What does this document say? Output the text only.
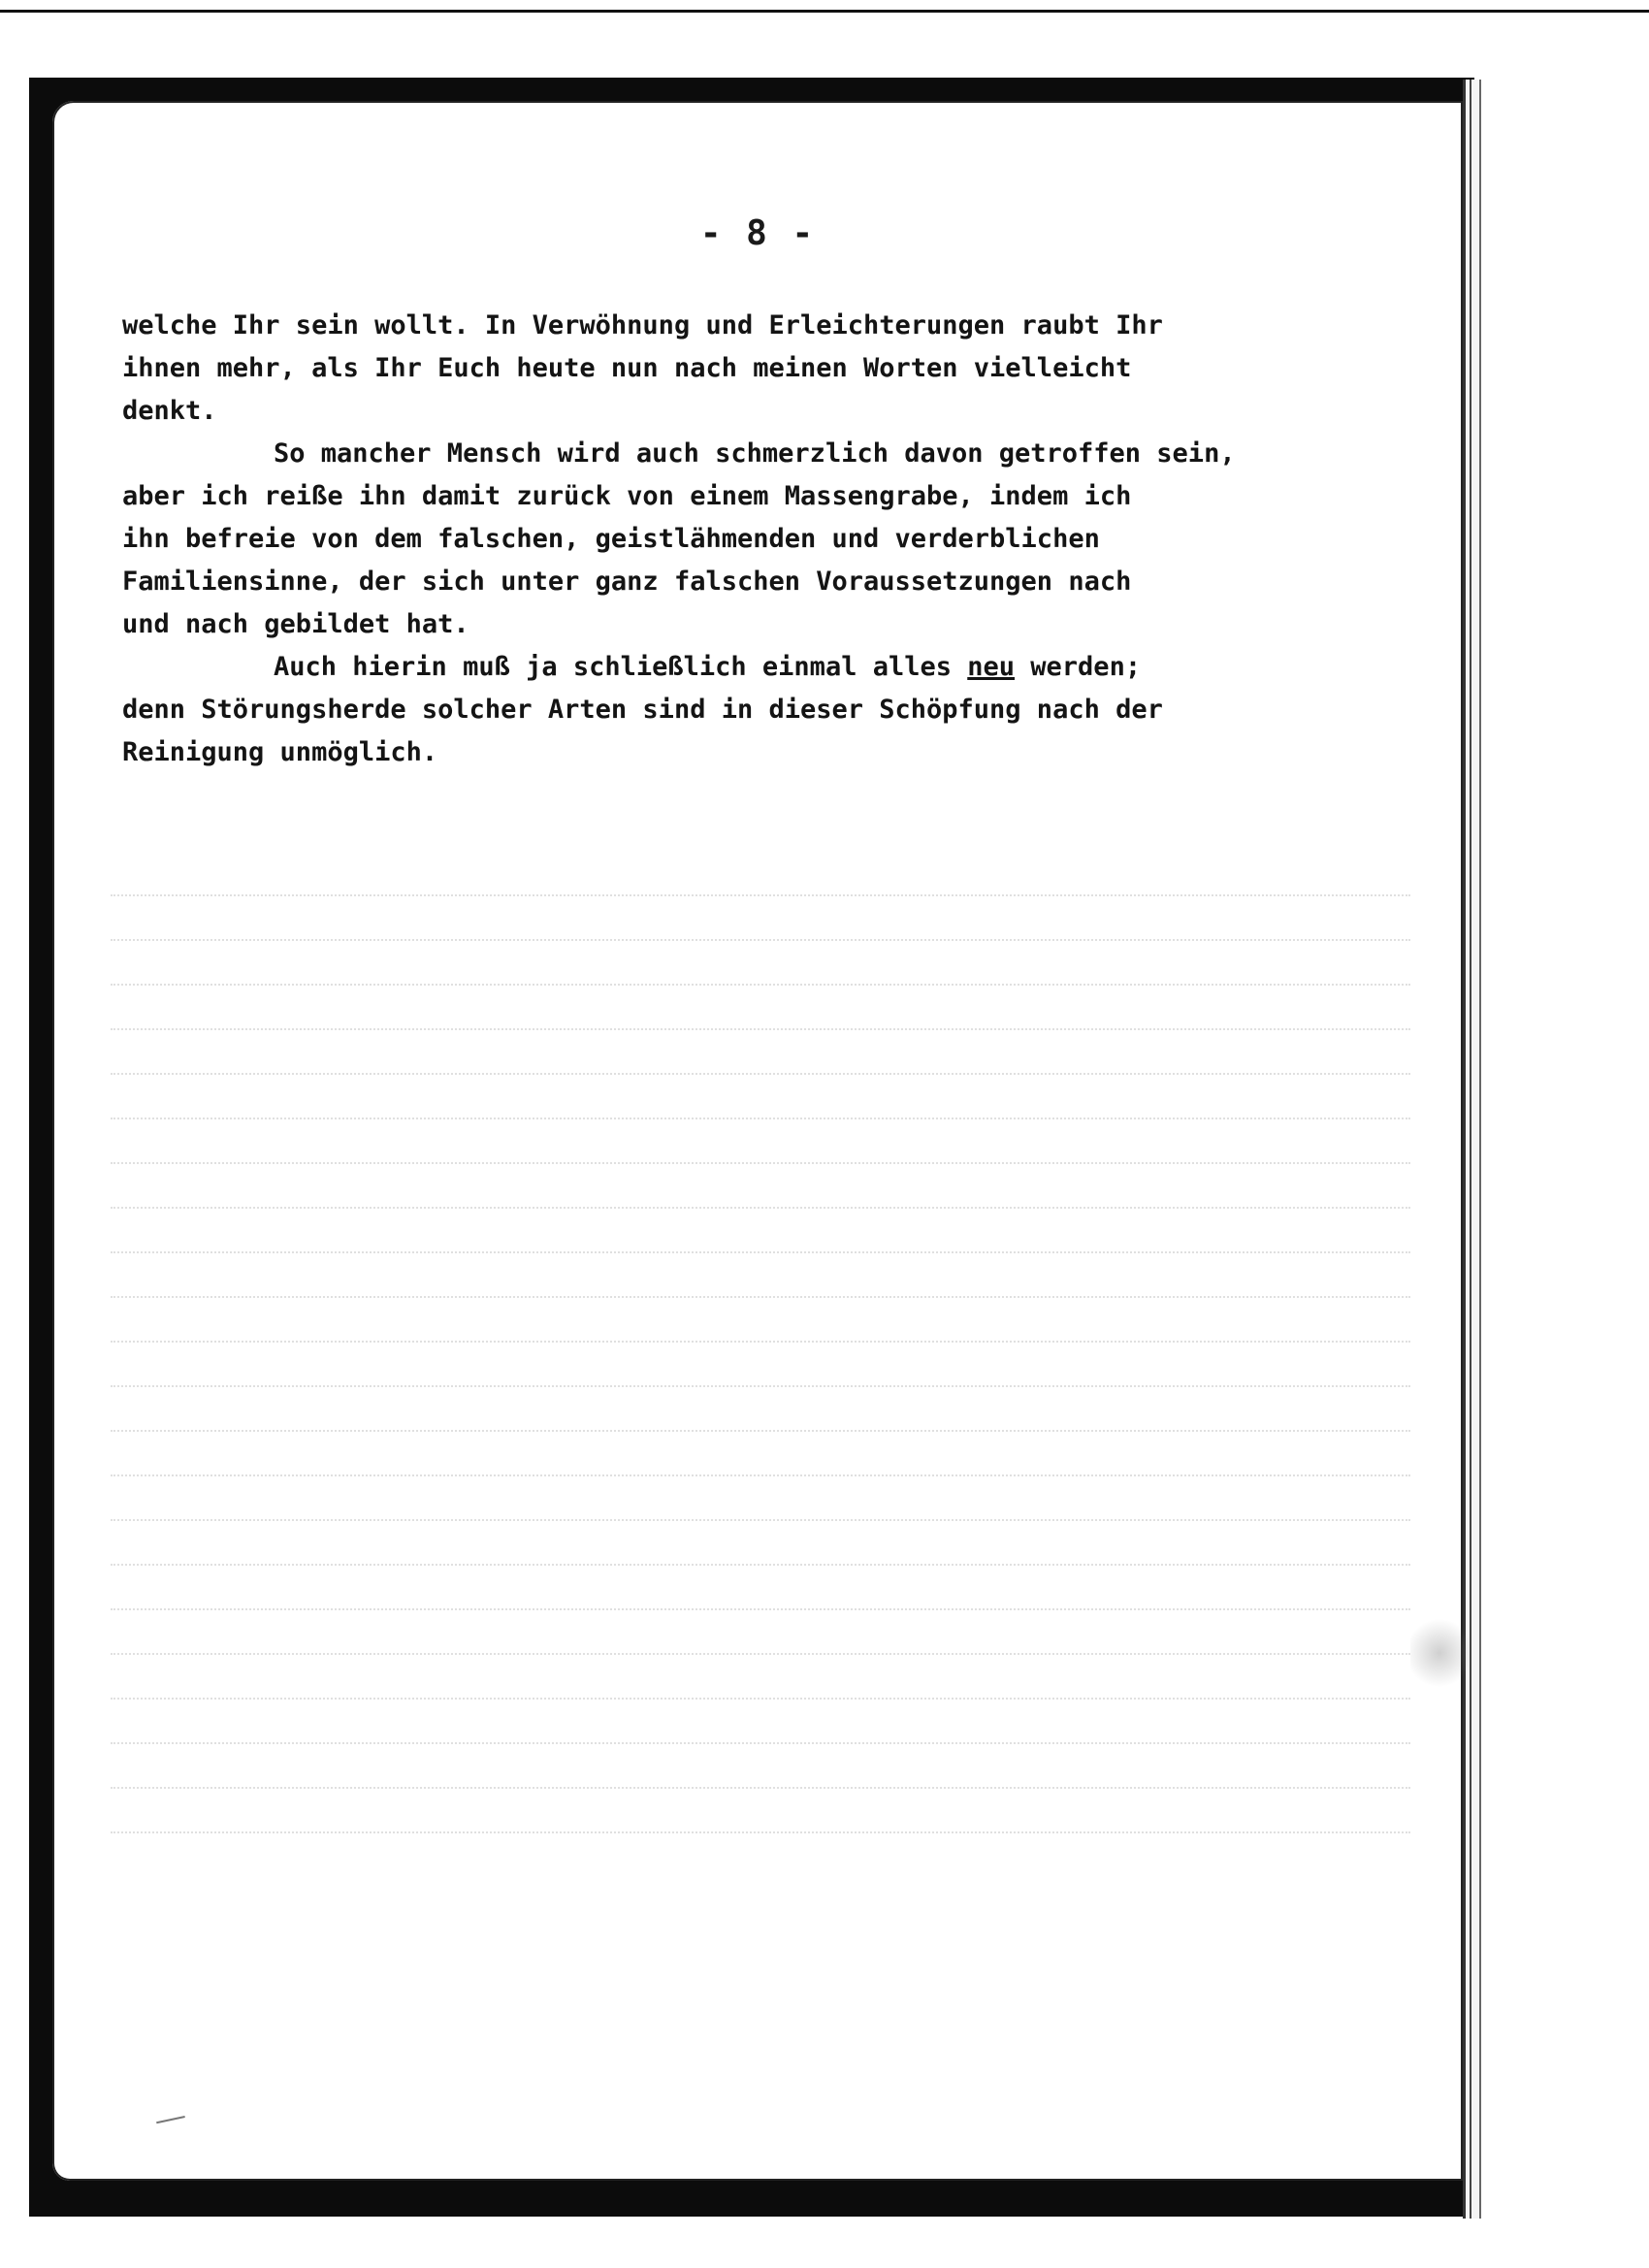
- 8 -
welche Ihr sein wollt. In Verwöhnung und Erleichterungen raubt Ihr
ihnen mehr, als Ihr Euch heute nun nach meinen Worten vielleicht
denkt.
So mancher Mensch wird auch schmerzlich davon getroffen sein,
aber ich reiße ihn damit zurück von einem Massengrabe, indem ich
ihn befreie von dem falschen, geistlähmenden und verderblichen
Familiensinne, der sich unter ganz falschen Voraussetzungen nach
und nach gebildet hat.
Auch hierin muß ja schließlich einmal alles neu werden;
denn Störungsherde solcher Arten sind in dieser Schöpfung nach der
Reinigung unmöglich.
